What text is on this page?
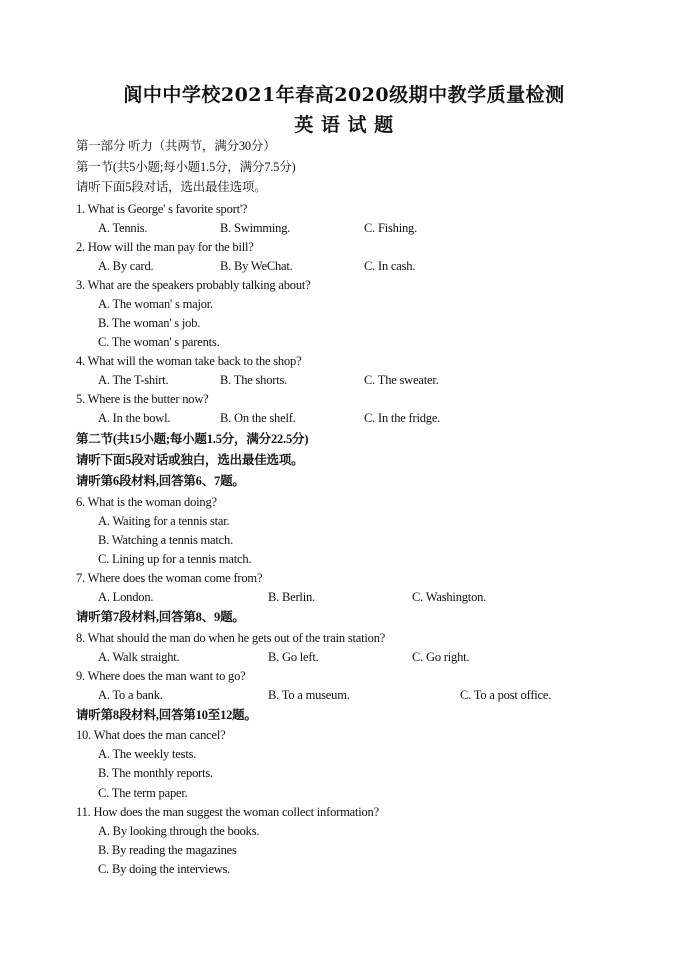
阆中中学校2021年春高2020级期中教学质量检测
英 语 试 题
第一部分 听力（共两节，满分30分）
第一节(共5小题;每小题1.5分，满分7.5分)
请听下面5段对话，选出最佳选项。
1. What is George' s favorite sport'?
A. Tennis.	B. Swimming.	C. Fishing.
2. How will the man pay for the bill?
A. By card.	B. By WeChat.	C. In cash.
3. What are the speakers probably talking about?
A. The woman' s major.
B. The woman' s job.
C. The woman' s parents.
4. What will the woman take back to the shop?
A. The T-shirt.	B. The shorts.	C. The sweater.
5. Where is the butter now?
A. In the bowl.	B. On the shelf.	C. In the fridge.
第二节(共15小题;每小题1.5分，满分22.5分)
请听下面5段对话或独白，选出最佳选项。
请听第6段材料,回答第6、7题。
6. What is the woman doing?
A. Waiting for a tennis star.
B. Watching a tennis match.
C. Lining up for a tennis match.
7. Where does the woman come from?
A. London.	B. Berlin.	C. Washington.
请听第7段材料,回答第8、9题。
8. What should the man do when he gets out of the train station?
A. Walk straight.	B. Go left.	C. Go right.
9. Where does the man want to go?
A. To a bank.	B. To a museum.	C. To a post office.
请听第8段材料,回答第10至12题。
10. What does the man cancel?
A. The weekly tests.
B. The monthly reports.
C. The term paper.
11. How does the man suggest the woman collect information?
A. By looking through the books.
B. By reading the magazines
C. By doing the interviews.
